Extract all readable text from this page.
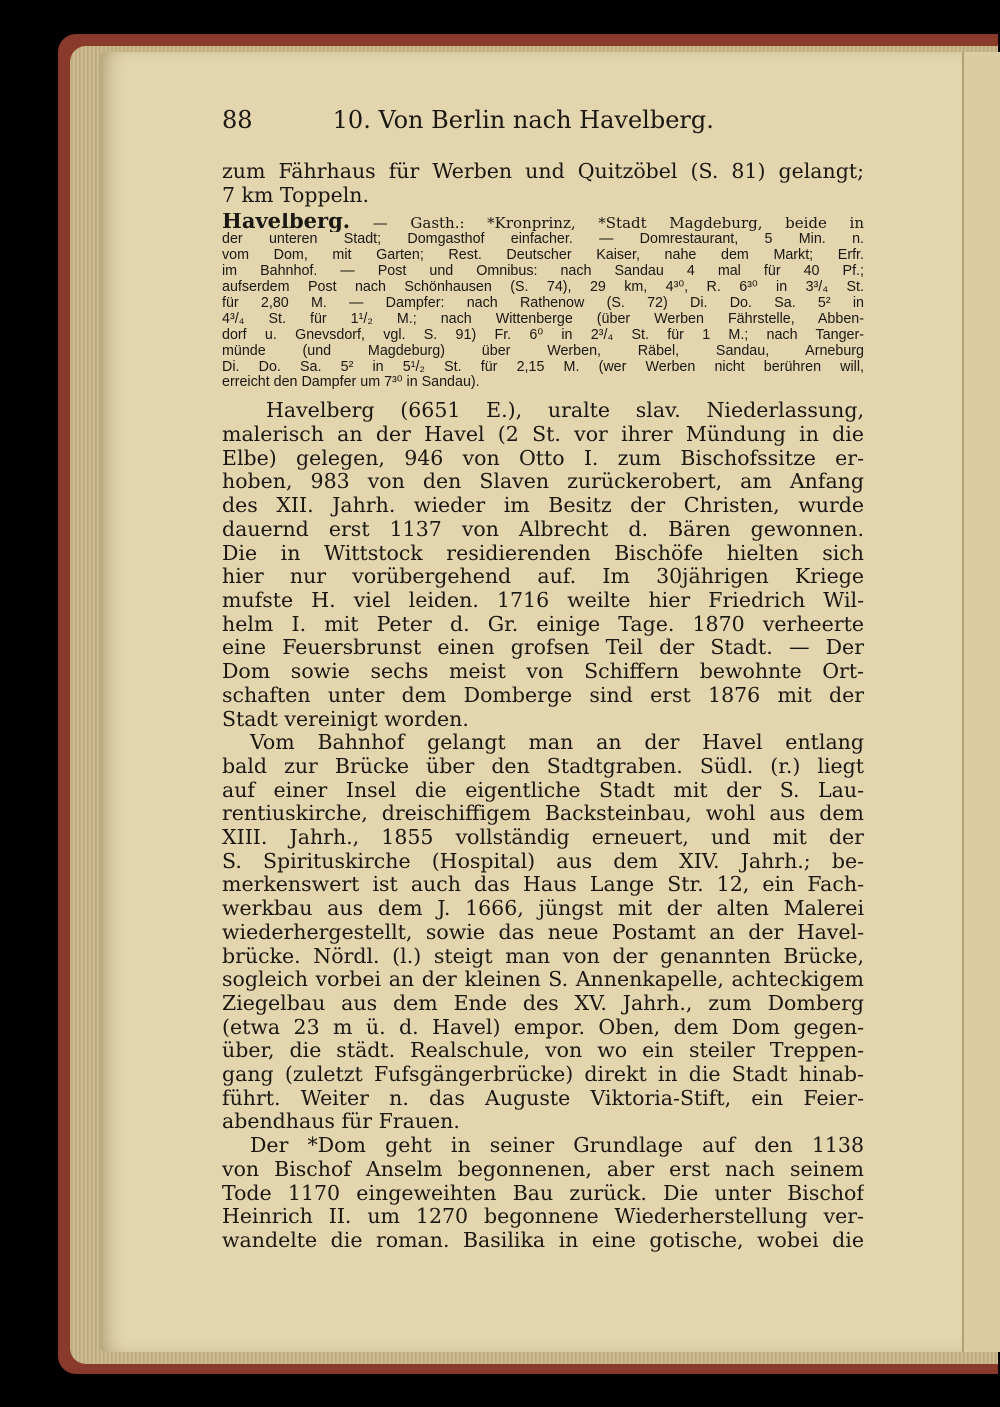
88	10. Von Berlin nach Havelberg.
zum Fährhaus für Werben und Quitzöbel (S. 81) gelangt;
7 km Toppeln.
Havelberg. — Gasth.: *Kronprinz, *Stadt Magdeburg, beide in
der unteren Stadt; Domgasthof einfacher. — Domrestaurant, 5 Min. n.
vom Dom, mit Garten; Rest. Deutscher Kaiser, nahe dem Markt; Erfr.
im Bahnhof. — Post und Omnibus: nach Sandau 4 mal für 40 Pf.;
aufserdem Post nach Schönhausen (S. 74), 29 km, 4³⁰, R. 6³⁰ in 3³/₄ St.
für 2,80 M. — Dampfer: nach Rathenow (S. 72) Di. Do. Sa. 5² in
4³/₄ St. für 1¹/₂ M.; nach Wittenberge (über Werben Fährstelle, Abben-
dorf u. Gnevsdorf, vgl. S. 91) Fr. 6⁰ in 2³/₄ St. für 1 M.; nach Tanger-
münde (und Magdeburg) über Werben, Räbel, Sandau, Arneburg
Di. Do. Sa. 5² in 5¹/₂ St. für 2,15 M. (wer Werben nicht berühren will,
erreicht den Dampfer um 7³⁰ in Sandau).
Havelberg (6651 E.), uralte slav. Niederlassung,
malerisch an der Havel (2 St. vor ihrer Mündung in die
Elbe) gelegen, 946 von Otto I. zum Bischofssitze er-
hoben, 983 von den Slaven zurückerobert, am Anfang
des XII. Jahrh. wieder im Besitz der Christen, wurde
dauernd erst 1137 von Albrecht d. Bären gewonnen.
Die in Wittstock residierenden Bischöfe hielten sich
hier nur vorübergehend auf. Im 30jährigen Kriege
mufste H. viel leiden. 1716 weilte hier Friedrich Wil-
helm I. mit Peter d. Gr. einige Tage. 1870 verheerte
eine Feuersbrunst einen grofsen Teil der Stadt. — Der
Dom sowie sechs meist von Schiffern bewohnte Ort-
schaften unter dem Domberge sind erst 1876 mit der
Stadt vereinigt worden.
Vom Bahnhof gelangt man an der Havel entlang
bald zur Brücke über den Stadtgraben. Südl. (r.) liegt
auf einer Insel die eigentliche Stadt mit der S. Lau-
rentiuskirche, dreischiffigem Backsteinbau, wohl aus dem
XIII. Jahrh., 1855 vollständig erneuert, und mit der
S. Spirituskirche (Hospital) aus dem XIV. Jahrh.; be-
merkenswert ist auch das Haus Lange Str. 12, ein Fach-
werkbau aus dem J. 1666, jüngst mit der alten Malerei
wiederhergestellt, sowie das neue Postamt an der Havel-
brücke. Nördl. (l.) steigt man von der genannten Brücke,
sogleich vorbei an der kleinen S. Annenkapelle, achteckigem
Ziegelbau aus dem Ende des XV. Jahrh., zum Domberg
(etwa 23 m ü. d. Havel) empor. Oben, dem Dom gegen-
über, die städt. Realschule, von wo ein steiler Treppen-
gang (zuletzt Fufsgängerbrücke) direkt in die Stadt hinab-
führt. Weiter n. das Auguste Viktoria-Stift, ein Feier-
abendhaus für Frauen.
Der *Dom geht in seiner Grundlage auf den 1138
von Bischof Anselm begonnenen, aber erst nach seinem
Tode 1170 eingeweihten Bau zurück. Die unter Bischof
Heinrich II. um 1270 begonnene Wiederherstellung ver-
wandelte die roman. Basilika in eine gotische, wobei die
